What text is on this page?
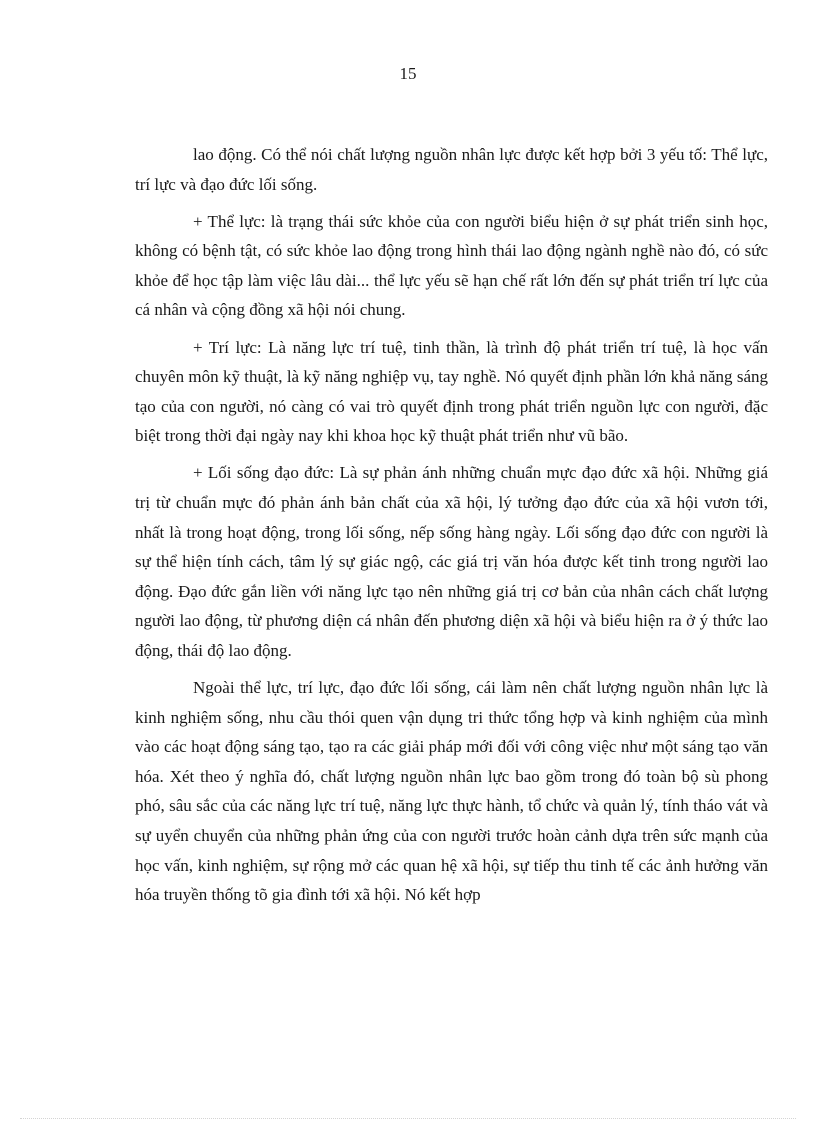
15

lao động. Có thể nói chất lượng nguồn nhân lực được kết hợp bởi 3 yếu tố: Thể lực, trí lực và đạo đức lối sống.

+ Thể lực: là trạng thái sức khỏe của con người biểu hiện ở sự phát triển sinh học, không có bệnh tật, có sức khỏe lao động trong hình thái lao động ngành nghề nào đó, có sức khỏe để học tập làm việc lâu dài... thể lực yếu sẽ hạn chế rất lớn đến sự phát triển trí lực của cá nhân và cộng đồng xã hội nói chung.

+ Trí lực: Là năng lực trí tuệ, tinh thần, là trình độ phát triển trí tuệ, là học vấn chuyên môn kỹ thuật, là kỹ năng nghiệp vụ, tay nghề. Nó quyết định phần lớn khả năng sáng tạo của con người, nó càng có vai trò quyết định trong phát triển nguồn lực con người, đặc biệt trong thời đại ngày nay khi khoa học kỹ thuật phát triển như vũ bão.

+ Lối sống đạo đức: Là sự phản ánh những chuẩn mực đạo đức xã hội. Những giá trị từ chuẩn mực đó phản ánh bản chất của xã hội, lý tưởng đạo đức của xã hội vươn tới, nhất là trong hoạt động, trong lối sống, nếp sống hàng ngày. Lối sống đạo đức con người là sự thể hiện tính cách, tâm lý sự giác ngộ, các giá trị văn hóa được kết tinh trong người lao động. Đạo đức gắn liền với năng lực tạo nên những giá trị cơ bản của nhân cách chất lượng người lao động, từ phương diện cá nhân đến phương diện xã hội và biểu hiện ra ở ý thức lao động, thái độ lao động.

Ngoài thể lực, trí lực, đạo đức lối sống, cái làm nên chất lượng nguồn nhân lực là kinh nghiệm sống, nhu cầu thói quen vận dụng tri thức tổng hợp và kinh nghiệm của mình vào các hoạt động sáng tạo, tạo ra các giải pháp mới đối với công việc như một sáng tạo văn hóa. Xét theo ý nghĩa đó, chất lượng nguồn nhân lực bao gồm trong đó toàn bộ sù phong phó, sâu sắc của các năng lực trí tuệ, năng lực thực hành, tổ chức và quản lý, tính tháo vát và sự uyển chuyển của những phản ứng của con người trước hoàn cảnh dựa trên sức mạnh của học vấn, kinh nghiệm, sự rộng mở các quan hệ xã hội, sự tiếp thu tinh tế các ảnh hưởng văn hóa truyền thống tõ gia đình tới xã hội. Nó kết hợp
